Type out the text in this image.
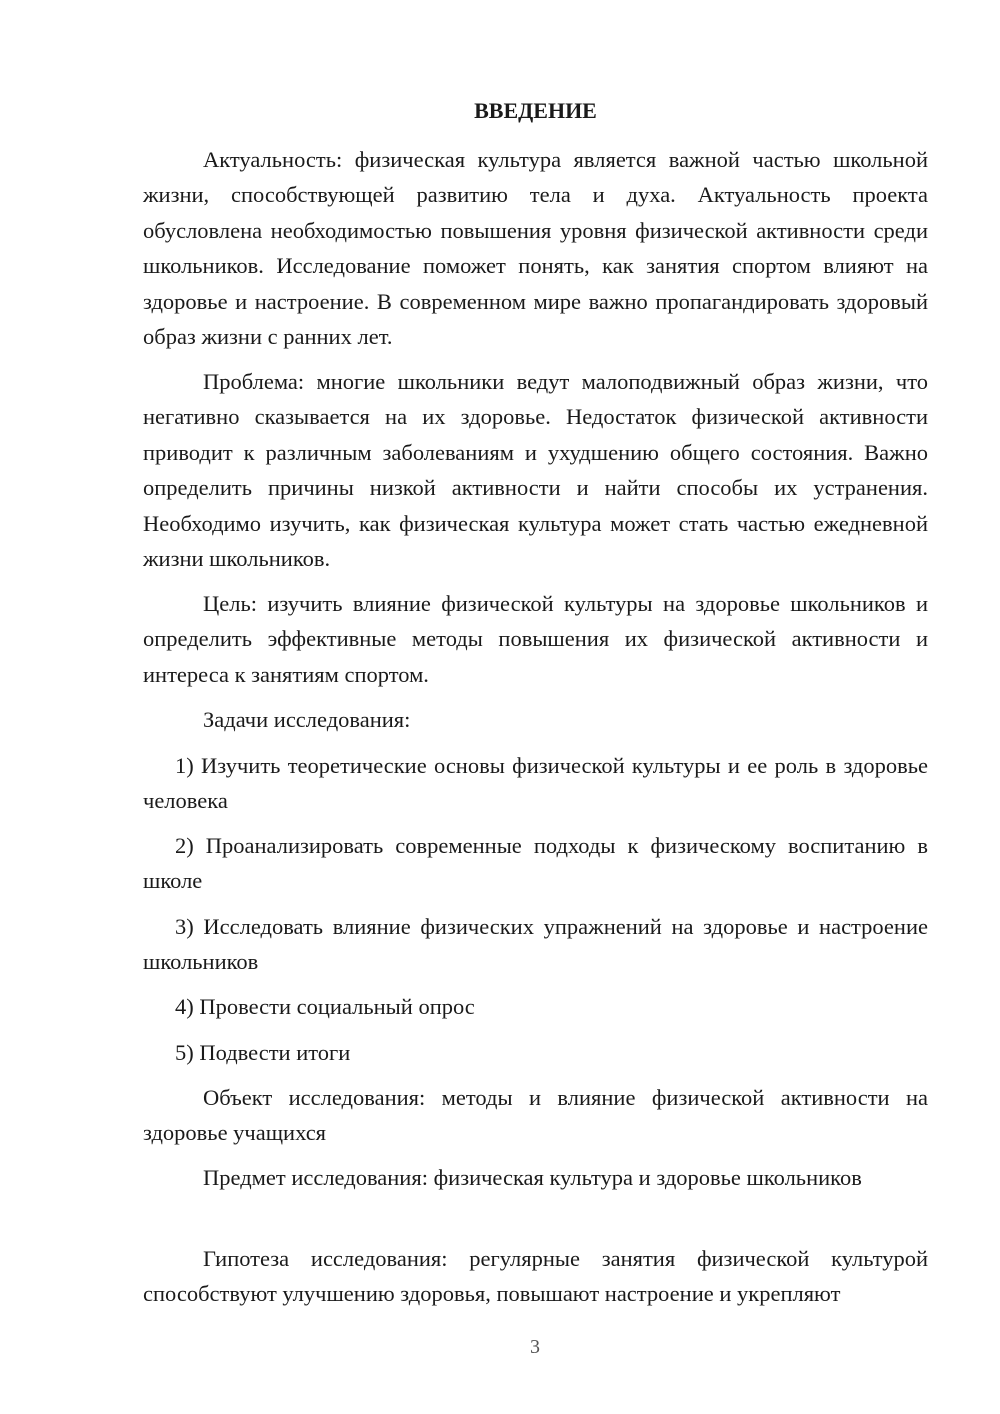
ВВЕДЕНИЕ

Актуальность: физическая культура является важной частью школьной жизни, способствующей развитию тела и духа. Актуальность проекта обусловлена необходимостью повышения уровня физической активности среди школьников. Исследование поможет понять, как занятия спортом влияют на здоровье и настроение. В современном мире важно пропагандировать здоровый образ жизни с ранних лет.

Проблема: многие школьники ведут малоподвижный образ жизни, что негативно сказывается на их здоровье. Недостаток физической активности приводит к различным заболеваниям и ухудшению общего состояния. Важно определить причины низкой активности и найти способы их устранения. Необходимо изучить, как физическая культура может стать частью ежедневной жизни школьников.

Цель: изучить влияние физической культуры на здоровье школьников и определить эффективные методы повышения их физической активности и интереса к занятиям спортом.

Задачи исследования:

1) Изучить теоретические основы физической культуры и ее роль в здоровье человека

2) Проанализировать современные подходы к физическому воспитанию в школе

3) Исследовать влияние физических упражнений на здоровье и настроение школьников

4) Провести социальный опрос

5) Подвести итоги

Объект исследования: методы и влияние физической активности на здоровье учащихся

Предмет исследования: физическая культура и здоровье школьников

Гипотеза исследования: регулярные занятия физической культурой способствуют улучшению здоровья, повышают настроение и укрепляют

3
